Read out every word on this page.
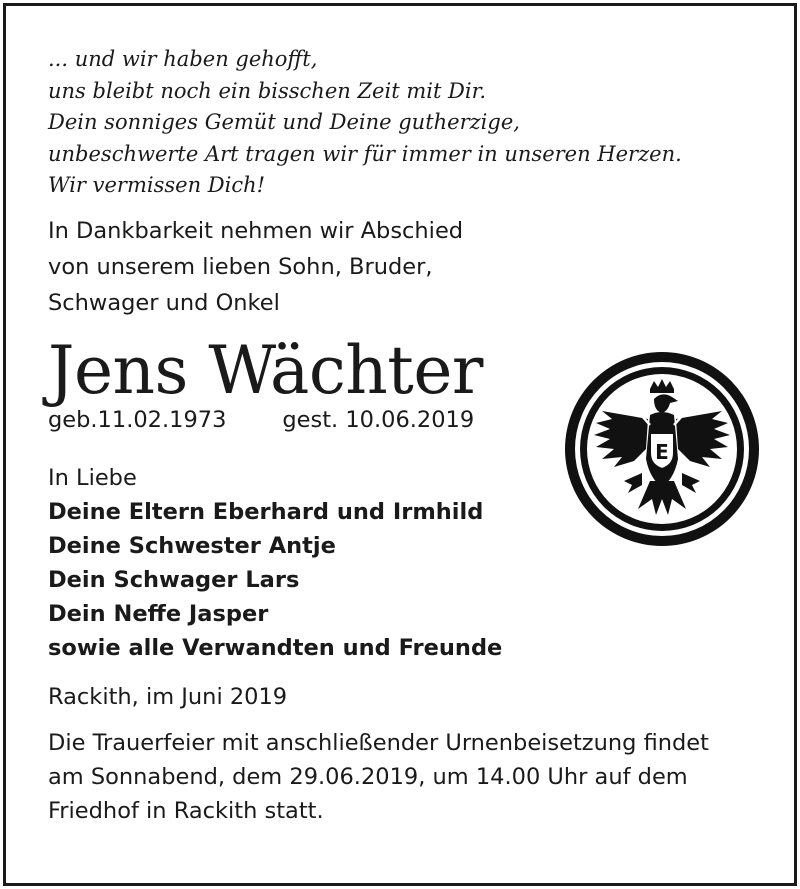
... und wir haben gehofft,
uns bleibt noch ein bisschen Zeit mit Dir.
Dein sonniges Gemüt und Deine gutherzige,
unbeschwerte Art tragen wir für immer in unseren Herzen.
Wir vermissen Dich!
In Dankbarkeit nehmen wir Abschied
von unserem lieben Sohn, Bruder,
Schwager und Onkel
Jens Wächter
geb.11.02.1973 gest. 10.06.2019
In Liebe
Deine Eltern Eberhard und Irmhild
Deine Schwester Antje
Dein Schwager Lars
Dein Neffe Jasper
sowie alle Verwandten und Freunde
Rackith, im Juni 2019
Die Trauerfeier mit anschließender Urnenbeisetzung findet
am Sonnabend, dem 29.06.2019, um 14.00 Uhr auf dem
Friedhof in Rackith statt.
E
